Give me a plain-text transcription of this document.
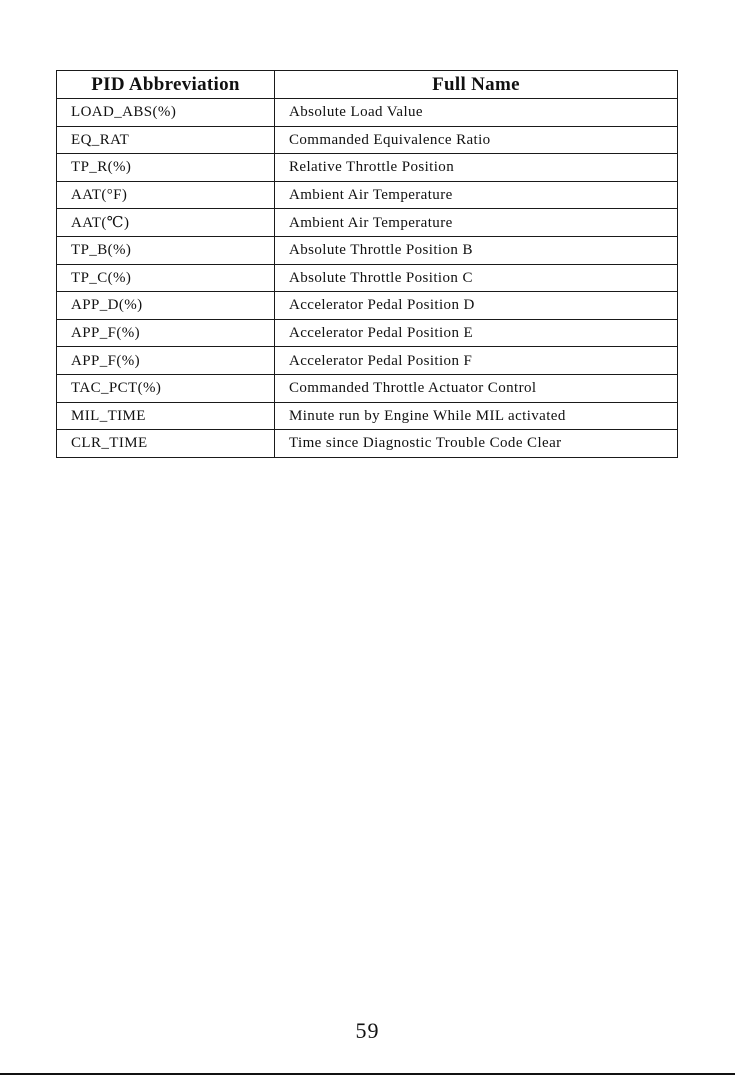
PID Abbreviation	Full Name
LOAD_ABS(%)	Absolute Load Value
EQ_RAT	Commanded Equivalence Ratio
TP_R(%)	Relative Throttle Position
AAT(°F)	Ambient Air Temperature
AAT(℃)	Ambient Air Temperature
TP_B(%)	Absolute Throttle Position B
TP_C(%)	Absolute Throttle Position C
APP_D(%)	Accelerator Pedal Position D
APP_F(%)	Accelerator Pedal Position E
APP_F(%)	Accelerator Pedal Position F
TAC_PCT(%)	Commanded Throttle Actuator Control
MIL_TIME	Minute run by Engine While MIL activated
CLR_TIME	Time since Diagnostic Trouble Code Clear
59
